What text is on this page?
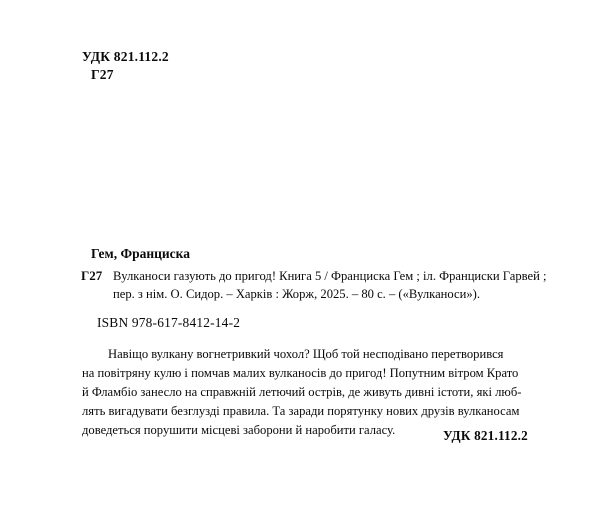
УДК 821.112.2
Г27
Гем, Франциска
Г27 Вулканоси газують до пригод! Книга 5 / Франциска Гем ; іл. Франциски Гарвей ;
пер. з нім. О. Сидор. – Харків : Жорж, 2025. – 80 с. – («Вулканоси»).
ISBN 978-617-8412-14-2
Навіщо вулкану вогнетривкий чохол? Щоб той несподівано перетворився
на повітряну кулю і помчав малих вулканосів до пригод! Попутним вітром Крато
й Фламбіо занесло на справжній летючий острів, де живуть дивні істоти, які люб-
лять вигадувати безглузді правила. Та заради порятунку нових друзів вулканосам
доведеться порушити місцеві заборони й наробити галасу.	УДК 821.112.2
